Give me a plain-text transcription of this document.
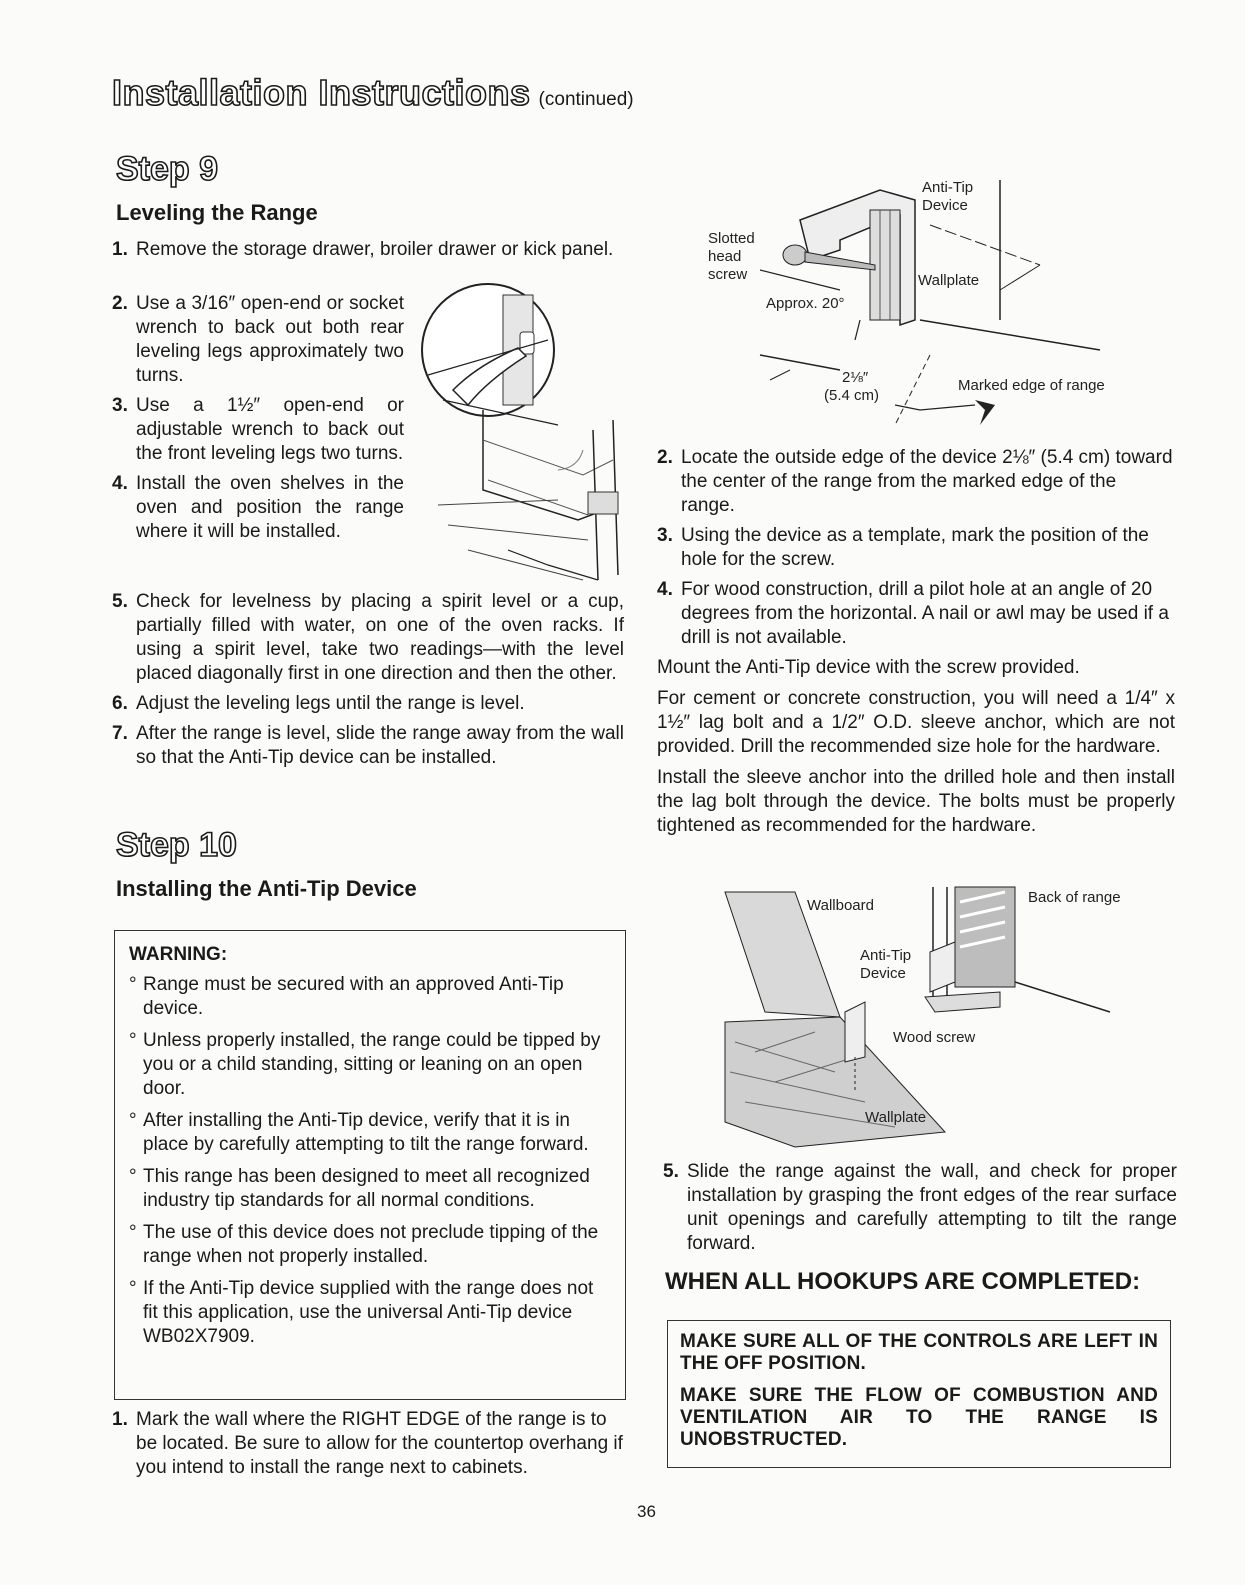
Installation Instructions (continued)
Step 9
Leveling the Range
1. Remove the storage drawer, broiler drawer or kick panel.
2. Use a 3/16″ open-end or socket wrench to back out both rear leveling legs approximately two turns.
3. Use a 1½″ open-end or adjustable wrench to back out the front leveling legs two turns.
4. Install the oven shelves in the oven and position the range where it will be installed.
5. Check for levelness by placing a spirit level or a cup, partially filled with water, on one of the oven racks. If using a spirit level, take two readings—with the level placed diagonally first in one direction and then the other.
6. Adjust the leveling legs until the range is level.
7. After the range is level, slide the range away from the wall so that the Anti-Tip device can be installed.
Step 10
Installing the Anti-Tip Device
WARNING:
° Range must be secured with an approved Anti-Tip device.
° Unless properly installed, the range could be tipped by you or a child standing, sitting or leaning on an open door.
° After installing the Anti-Tip device, verify that it is in place by carefully attempting to tilt the range forward.
° This range has been designed to meet all recognized industry tip standards for all normal conditions.
° The use of this device does not preclude tipping of the range when not properly installed.
° If the Anti-Tip device supplied with the range does not fit this application, use the universal Anti-Tip device WB02X7909.
1. Mark the wall where the RIGHT EDGE of the range is to be located. Be sure to allow for the countertop overhang if you intend to install the range next to cabinets.
Anti-Tip
Device
Slotted
head
screw	Wallplate
Approx. 20°
2⅛″
(5.4 cm)
Marked edge of range
2. Locate the outside edge of the device 2⅛″ (5.4 cm) toward the center of the range from the marked edge of the range.
3. Using the device as a template, mark the position of the hole for the screw.
4. For wood construction, drill a pilot hole at an angle of 20 degrees from the horizontal. A nail or awl may be used if a drill is not available.

Mount the Anti-Tip device with the screw provided.

For cement or concrete construction, you will need a 1/4″ x 1½″ lag bolt and a 1/2″ O.D. sleeve anchor, which are not provided. Drill the recommended size hole for the hardware.

Install the sleeve anchor into the drilled hole and then install the lag bolt through the device. The bolts must be properly tightened as recommended for the hardware.

Wallboard	Back of range
Anti-Tip
Device
Wood screw
Wallplate
5. Slide the range against the wall, and check for proper installation by grasping the front edges of the rear surface unit openings and carefully attempting to tilt the range forward.
WHEN ALL HOOKUPS ARE COMPLETED:

MAKE SURE ALL OF THE CONTROLS ARE LEFT IN THE OFF POSITION.

MAKE SURE THE FLOW OF COMBUSTION AND VENTILATION AIR TO THE RANGE IS UNOBSTRUCTED.

36
